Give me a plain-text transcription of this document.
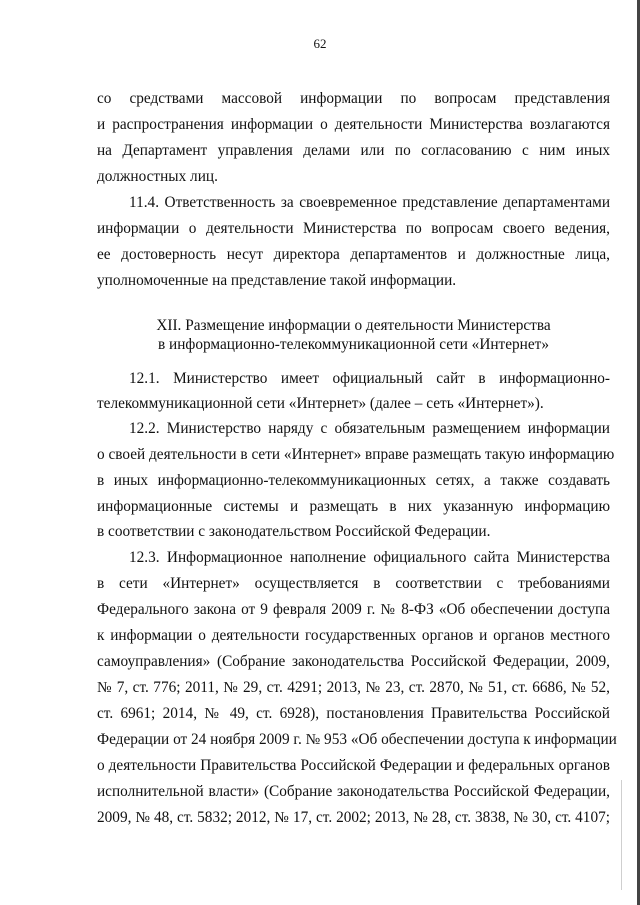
62
со средствами массовой информации по вопросам представления
и распространения информации о деятельности Министерства возлагаются
на Департамент управления делами или по согласованию с ним иных
должностных лиц.
11.4. Ответственность за своевременное представление департаментами
информации о деятельности Министерства по вопросам своего ведения,
ее достоверность несут директора департаментов и должностные лица,
уполномоченные на представление такой информации.
XII. Размещение информации о деятельности Министерства
в информационно-телекоммуникационной сети «Интернет»
12.1. Министерство имеет официальный сайт в информационно-
телекоммуникационной сети «Интернет» (далее – сеть «Интернет»).
12.2. Министерство наряду с обязательным размещением информации
о своей деятельности в сети «Интернет» вправе размещать такую информацию
в иных информационно-телекоммуникационных сетях, а также создавать
информационные системы и размещать в них указанную информацию
в соответствии с законодательством Российской Федерации.
12.3. Информационное наполнение официального сайта Министерства
в сети «Интернет» осуществляется в соответствии с требованиями
Федерального закона от 9 февраля 2009 г. № 8-ФЗ «Об обеспечении доступа
к информации о деятельности государственных органов и органов местного
самоуправления» (Собрание законодательства Российской Федерации, 2009,
№ 7, ст. 776; 2011, № 29, ст. 4291; 2013, № 23, ст. 2870, № 51, ст. 6686, № 52,
ст. 6961; 2014, № 49, ст. 6928), постановления Правительства Российской
Федерации от 24 ноября 2009 г. № 953 «Об обеспечении доступа к информации
о деятельности Правительства Российской Федерации и федеральных органов
исполнительной власти» (Собрание законодательства Российской Федерации,
2009, № 48, ст. 5832; 2012, № 17, ст. 2002; 2013, № 28, ст. 3838, № 30, ст. 4107;
